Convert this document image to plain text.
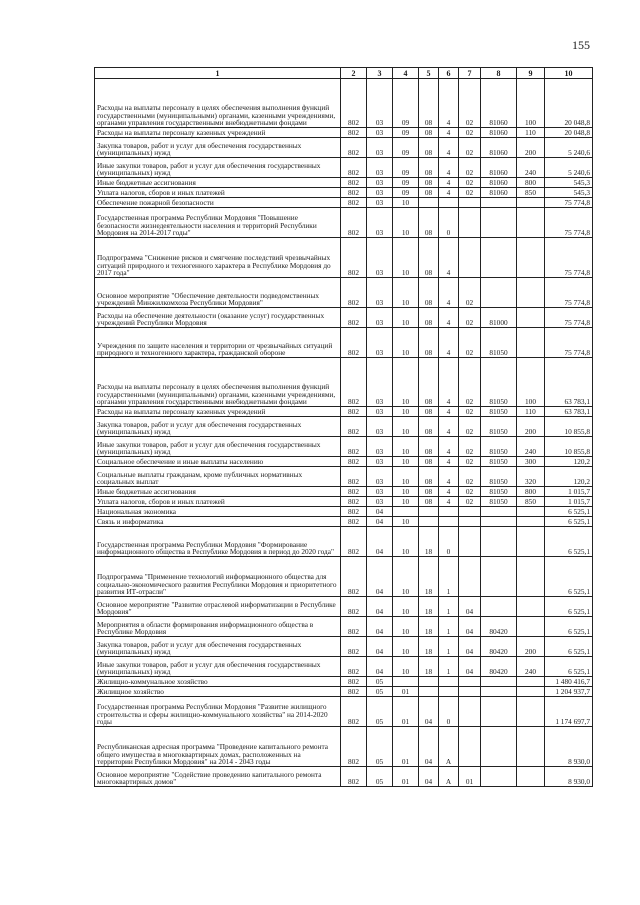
155
1	2	3	4	5	6	7	8	9	10
Расходы на выплаты персоналу в целях обеспечения выполнения функций государственными (муниципальными) органами, казенными учреждениями, органами управления государственными внебюджетными фондами	802	03	09	08	4	02	81060	100	20 048,8
Расходы на выплаты персоналу казенных учреждений	802	03	09	08	4	02	81060	110	20 048,8
Закупка товаров, работ и услуг для обеспечения государственных (муниципальных) нужд	802	03	09	08	4	02	81060	200	5 240,6
Иные закупки товаров, работ и услуг для обеспечения государственных (муниципальных) нужд	802	03	09	08	4	02	81060	240	5 240,6
Иные бюджетные ассигнования	802	03	09	08	4	02	81060	800	545,3
Уплата налогов, сборов и иных платежей	802	03	09	08	4	02	81060	850	545,3
Обеспечение пожарной безопасности	802	03	10						75 774,8
Государственная программа Республики Мордовия "Повышение безопасности жизнедеятельности населения и территорий Республики Мордовия на 2014-2017 годы"	802	03	10	08	0				75 774,8
Подпрограмма "Снижение рисков и смягчение последствий чрезвычайных ситуаций природного и техногенного характера в Республике Мордовия до 2017 года"	802	03	10	08	4				75 774,8
Основное мероприятие "Обеспечение деятельности подведомственных учреждений Минжилкомхоза Республики Мордовия"	802	03	10	08	4	02			75 774,8
Расходы на обеспечение деятельности (оказание услуг) государственных учреждений Республики Мордовия	802	03	10	08	4	02	81000		75 774,8
Учреждения по защите населения и территории от чрезвычайных ситуаций природного и техногенного характера, гражданской обороне	802	03	10	08	4	02	81050		75 774,8
Расходы на выплаты персоналу в целях обеспечения выполнения функций государственными (муниципальными) органами, казенными учреждениями, органами управления государственными внебюджетными фондами	802	03	10	08	4	02	81050	100	63 783,1
Расходы на выплаты персоналу казенных учреждений	802	03	10	08	4	02	81050	110	63 783,1
Закупка товаров, работ и услуг для обеспечения государственных (муниципальных) нужд	802	03	10	08	4	02	81050	200	10 855,8
Иные закупки товаров, работ и услуг для обеспечения государственных (муниципальных) нужд	802	03	10	08	4	02	81050	240	10 855,8
Социальное обеспечение и иные выплаты населению	802	03	10	08	4	02	81050	300	120,2
Социальные выплаты гражданам, кроме публичных нормативных социальных выплат	802	03	10	08	4	02	81050	320	120,2
Иные бюджетные ассигнования	802	03	10	08	4	02	81050	800	1 015,7
Уплата налогов, сборов и иных платежей	802	03	10	08	4	02	81050	850	1 015,7
Национальная экономика	802	04							6 525,1
Связь и информатика	802	04	10						6 525,1
Государственная программа Республики Мордовия "Формирование информационного общества в Республике Мордовия в период до 2020 года"	802	04	10	18	0				6 525,1
Подпрограмма "Применение технологий информационного общества для социально-экономического развития Республики Мордовия и приоритетного развития ИТ-отрасли"	802	04	10	18	1				6 525,1
Основное мероприятие "Развитие отраслевой информатизации в Республике Мордовия"	802	04	10	18	1	04			6 525,1
Мероприятия в области формирования информационного общества в Республике Мордовия	802	04	10	18	1	04	80420		6 525,1
Закупка товаров, работ и услуг для обеспечения государственных (муниципальных) нужд	802	04	10	18	1	04	80420	200	6 525,1
Иные закупки товаров, работ и услуг для обеспечения государственных (муниципальных) нужд	802	04	10	18	1	04	80420	240	6 525,1
Жилищно-коммунальное хозяйство	802	05							1 480 416,7
Жилищное хозяйство	802	05	01						1 204 937,7
Государственная программа Республики Мордовия "Развитие жилищного строительства и сферы жилищно-коммунального хозяйства" на 2014-2020 годы	802	05	01	04	0				1 174 697,7
Республиканская адресная программа "Проведение капитального ремонта общего имущества в многоквартирных домах, расположенных на территории Республики Мордовия" на 2014 - 2043 годы	802	05	01	04	А				8 930,0
Основное мероприятие "Содействие проведению капитального ремонта многоквартирных домов"	802	05	01	04	А	01			8 930,0
